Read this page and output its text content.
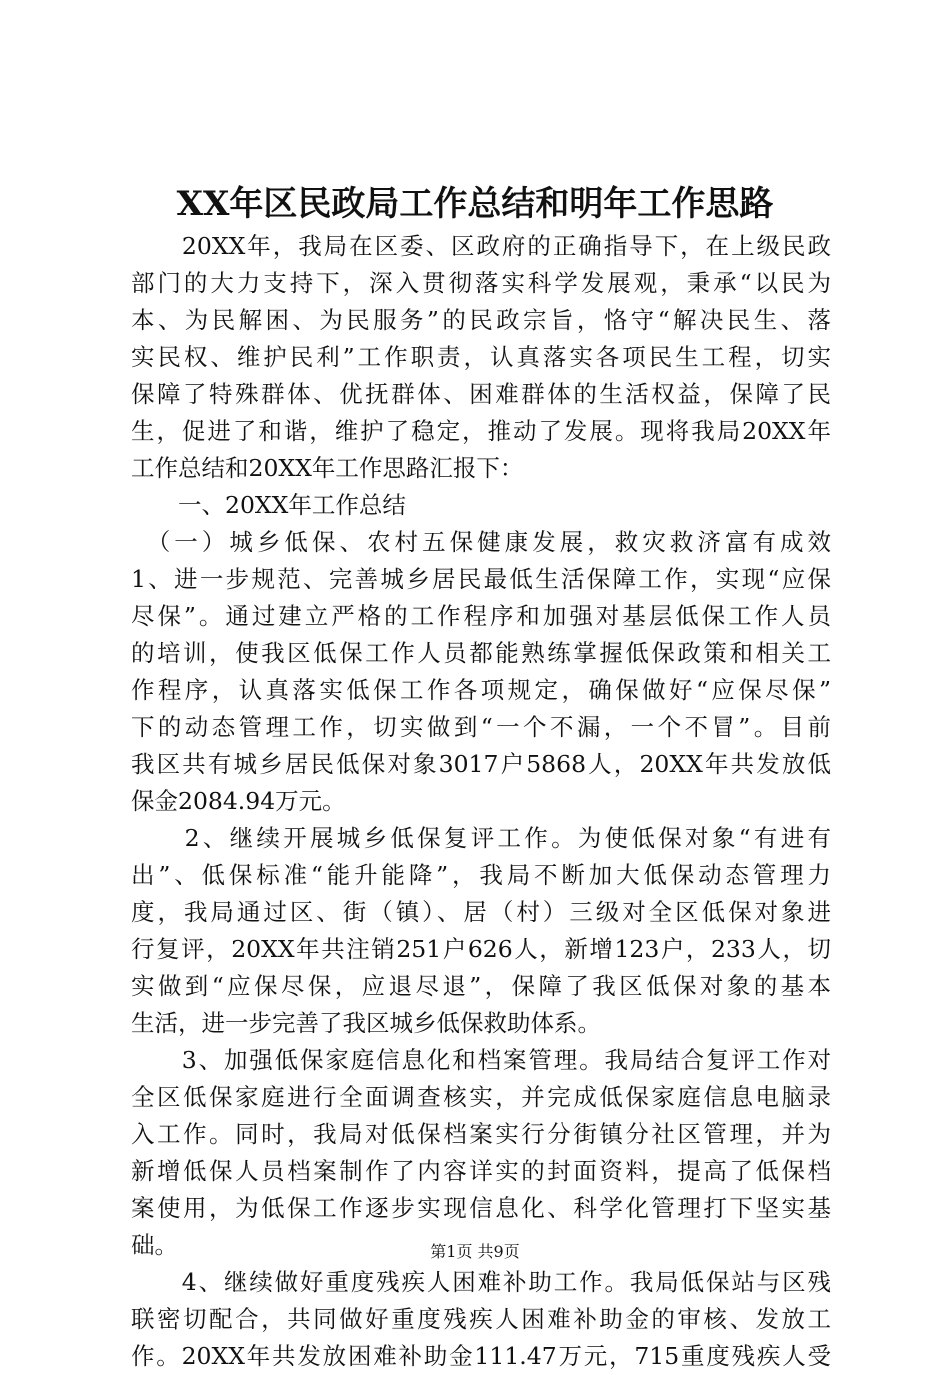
XX年区民政局工作总结和明年工作思路
　　20XX年，我局在区委、区政府的正确指导下，在上级民政
部门的大力支持下，深入贯彻落实科学发展观，秉承“以民为
本、为民解困、为民服务”的民政宗旨，恪守“解决民生、落
实民权、维护民利”工作职责，认真落实各项民生工程，切实
保障了特殊群体、优抚群体、困难群体的生活权益，保障了民
生，促进了和谐，维护了稳定，推动了发展。现将我局20XX年
工作总结和20XX年工作思路汇报下：
　　一、20XX年工作总结
　（一）城乡低保、农村五保健康发展，救灾救济富有成效
1、进一步规范、完善城乡居民最低生活保障工作，实现“应保
尽保”。通过建立严格的工作程序和加强对基层低保工作人员
的培训，使我区低保工作人员都能熟练掌握低保政策和相关工
作程序，认真落实低保工作各项规定，确保做好“应保尽保”
下的动态管理工作，切实做到“一个不漏，一个不冒”。目前
我区共有城乡居民低保对象3017户5868人，20XX年共发放低
保金2084.94万元。
　　2、继续开展城乡低保复评工作。为使低保对象“有进有
出”、低保标准“能升能降”，我局不断加大低保动态管理力
度，我局通过区、街（镇）、居（村）三级对全区低保对象进
行复评，20XX年共注销251户626人，新增123户，233人，切
实做到“应保尽保，应退尽退”，保障了我区低保对象的基本
生活，进一步完善了我区城乡低保救助体系。
　　3、加强低保家庭信息化和档案管理。我局结合复评工作对
全区低保家庭进行全面调查核实，并完成低保家庭信息电脑录
入工作。同时，我局对低保档案实行分街镇分社区管理，并为
新增低保人员档案制作了内容详实的封面资料，提高了低保档
案使用，为低保工作逐步实现信息化、科学化管理打下坚实基
础。
　　4、继续做好重度残疾人困难补助工作。我局低保站与区残
联密切配合，共同做好重度残疾人困难补助金的审核、发放工
作。20XX年共发放困难补助金111.47万元，715重度残疾人受
第1页 共9页
